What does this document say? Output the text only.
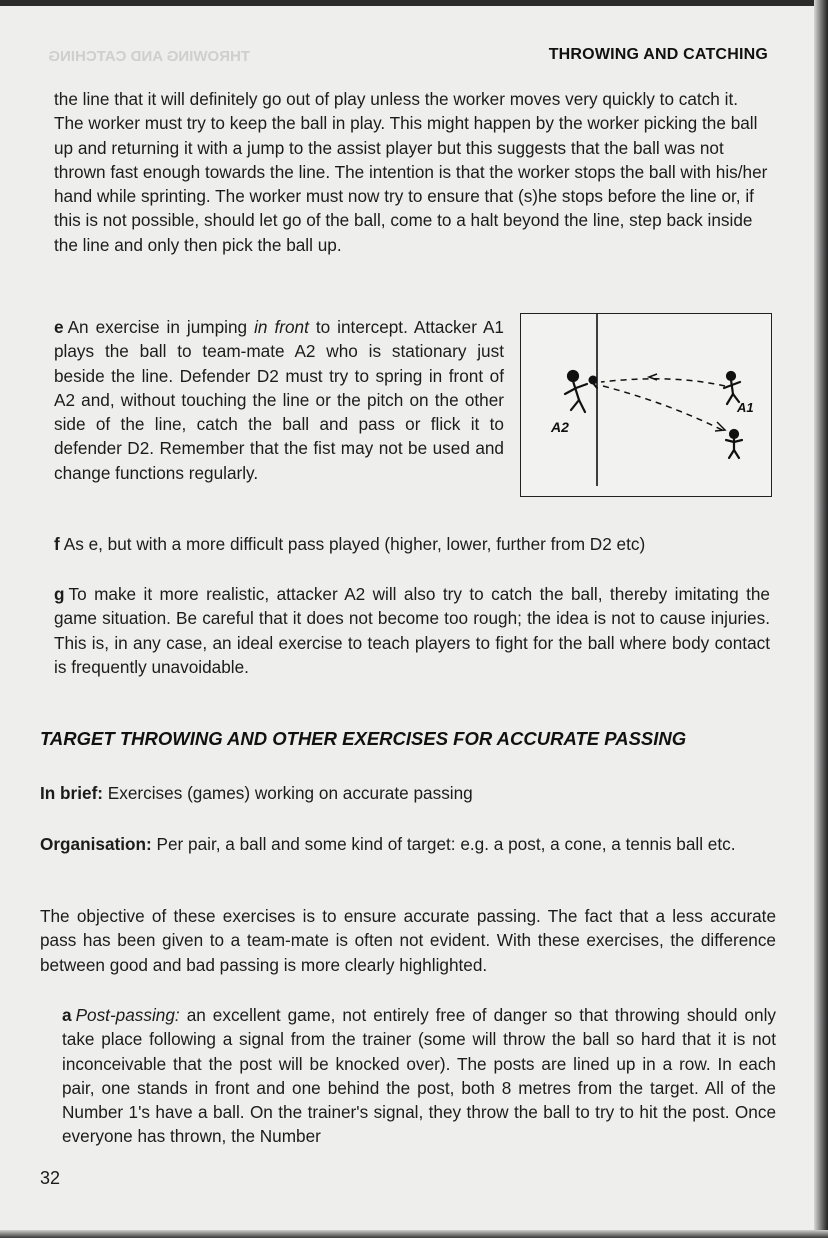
THROWING AND CATCHING	THROWING AND CATCHING

the line that it will definitely go out of play unless the worker moves very quickly to catch it. The worker must try to keep the ball in play. This might happen by the worker picking the ball up and returning it with a jump to the assist player but this suggests that the ball was not thrown fast enough towards the line. The intention is that the worker stops the ball with his/her hand while sprinting. The worker must now try to ensure that (s)he stops before the line or, if this is not possible, should let go of the ball, come to a halt beyond the line, step back inside the line and only then pick the ball up.

e An exercise in jumping in front to intercept. Attacker A1 plays the ball to team-mate A2 who is stationary just beside the line. Defender D2 must try to spring in front of A2 and, without touching the line or the pitch on the other side of the line, catch the ball and pass or flick it to defender D2. Remember that the fist may not be used and change functions regularly.

A2
A1

f As e, but with a more difficult pass played (higher, lower, further from D2 etc)

g To make it more realistic, attacker A2 will also try to catch the ball, thereby imitating the game situation. Be careful that it does not become too rough; the idea is not to cause injuries. This is, in any case, an ideal exercise to teach players to fight for the ball where body contact is frequently unavoidable.

TARGET THROWING AND OTHER EXERCISES FOR ACCURATE PASSING

In brief: Exercises (games) working on accurate passing

Organisation: Per pair, a ball and some kind of target: e.g. a post, a cone, a tennis ball etc.

The objective of these exercises is to ensure accurate passing. The fact that a less accurate pass has been given to a team-mate is often not evident. With these exercises, the difference between good and bad passing is more clearly highlighted.

a Post-passing: an excellent game, not entirely free of danger so that throwing should only take place following a signal from the trainer (some will throw the ball so hard that it is not inconceivable that the post will be knocked over). The posts are lined up in a row. In each pair, one stands in front and one behind the post, both 8 metres from the target. All of the Number 1's have a ball. On the trainer's signal, they throw the ball to try to hit the post. Once everyone has thrown, the Number

32
